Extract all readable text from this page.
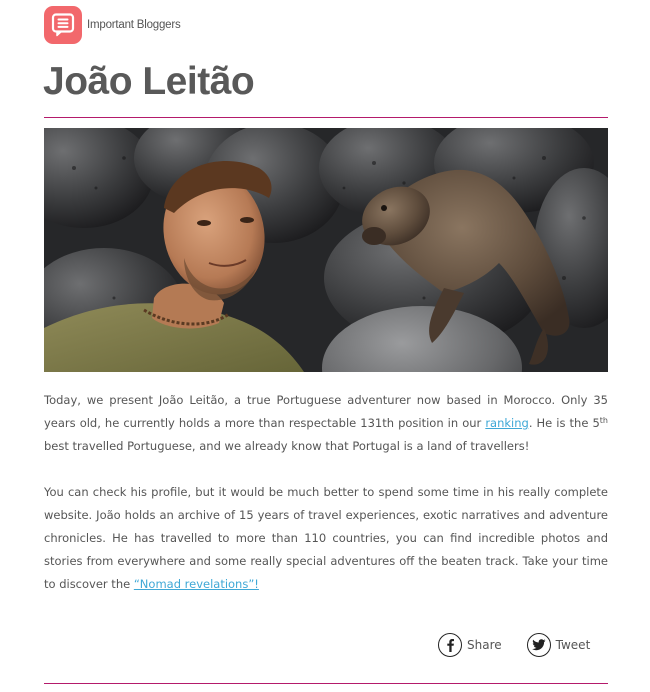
Important Bloggers
João Leitão

Today, we present João Leitão, a true Portuguese adventurer now based in Morocco. Only 35 years old, he currently holds a more than respectable 131th position in our ranking. He is the 5th best travelled Portuguese, and we already know that Portugal is a land of travellers!

You can check his profile, but it would be much better to spend some time in his really complete website. João holds an archive of 15 years of travel experiences, exotic narratives and adventure chronicles. He has travelled to more than 110 countries, you can find incredible photos and stories from everywhere and some really special adventures off the beaten track. Take your time to discover the “Nomad revelations”!

Share	Tweet
